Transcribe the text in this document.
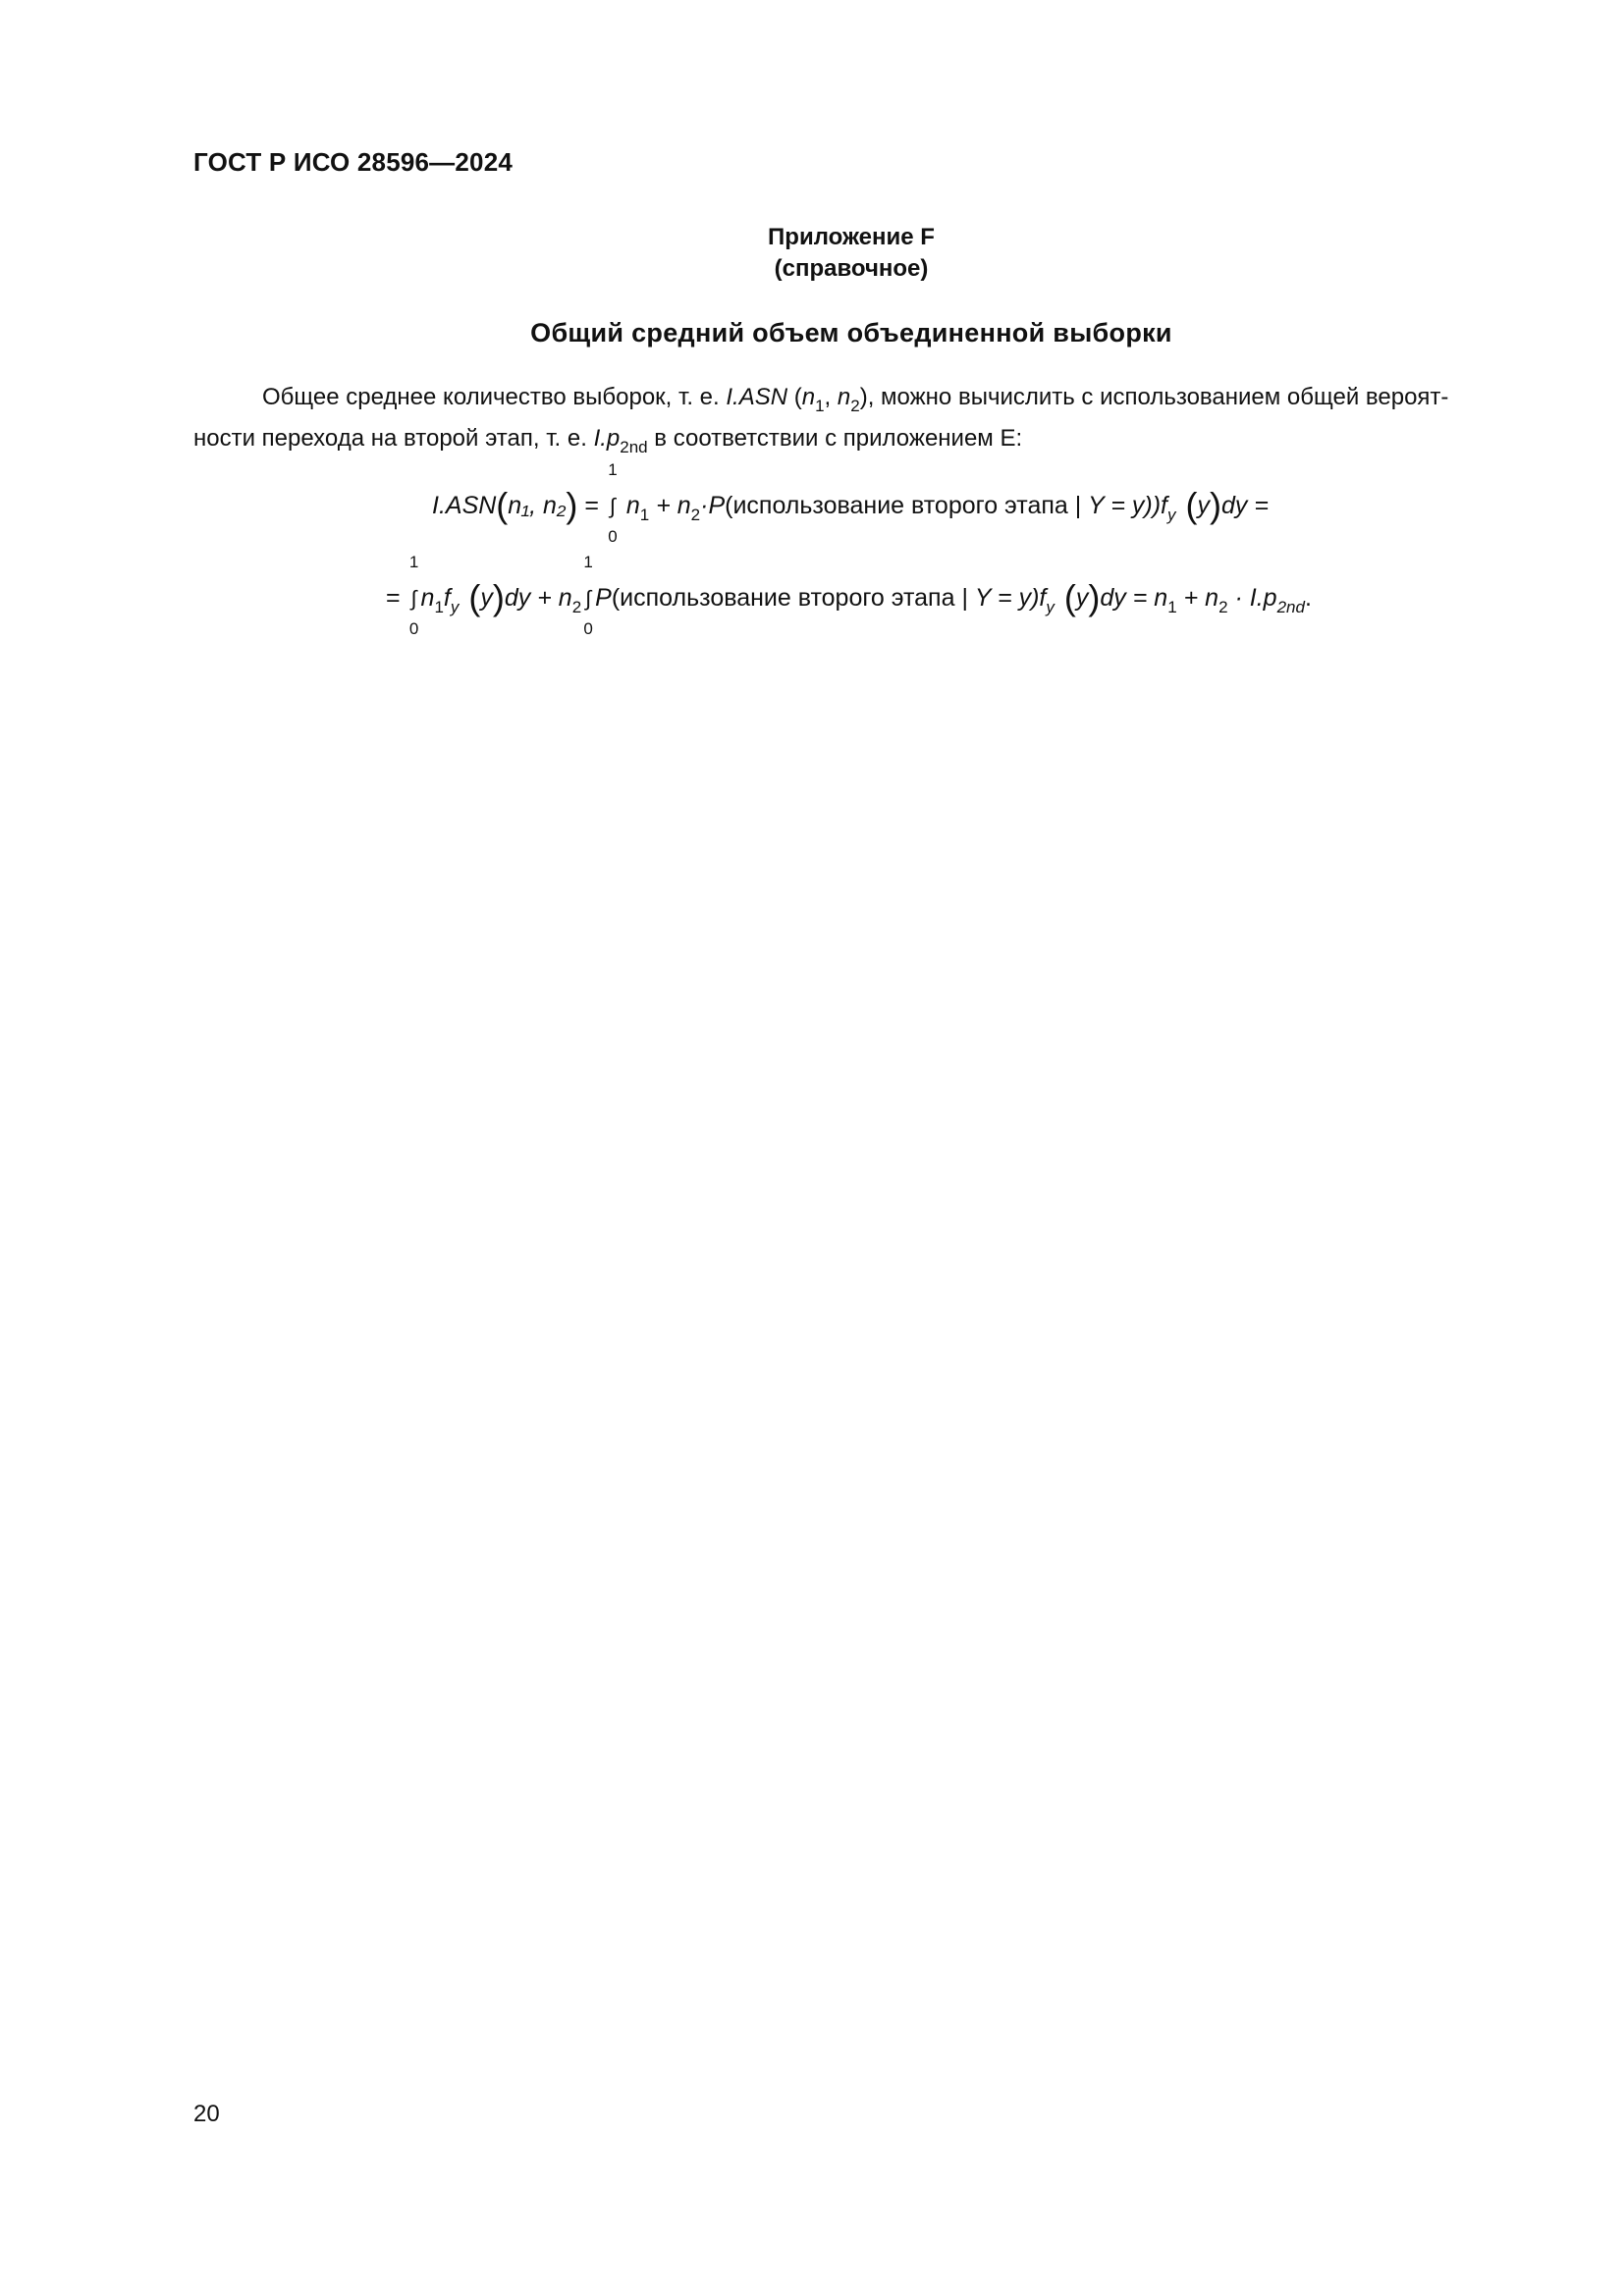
ГОСТ Р ИСО 28596—2024
Приложение F
(справочное)
Общий средний объем объединенной выборки
Общее среднее количество выборок, т. е. I.ASN ($n_1$, $n_2$), можно вычислить с использованием общей вероят-
ности перехода на второй этап, т. е. $I.p_{2nd}$ в соответствии с приложением E:
I.ASN(n₁, n₂) =
1
∫
0
$n_1$ + $n_2\cdot P(использование$ второго этапа | $Y = y))f_y$ (y)dy =
=
1
∫
0
$n_1f_y$ $(y)dy + n_2$
1
∫
0
P(использование второго этапа | $Y = y)f_y$ $(y)dy = n_1 + n_2 \cdot I.p_{2nd}$.
20
